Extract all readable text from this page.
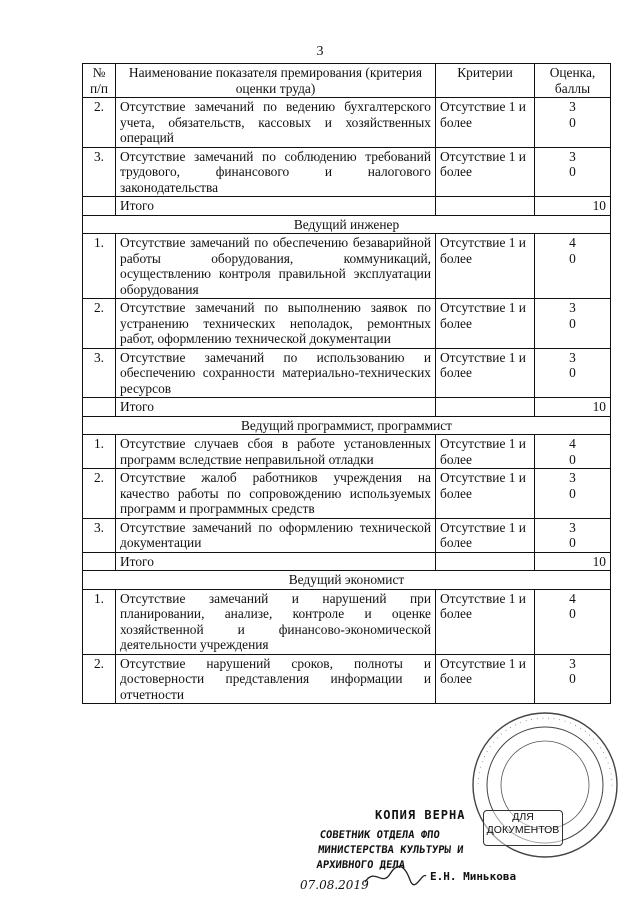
3
№ п/п	Наименование показателя премирования (критерия оценки труда)	Критерии	Оценка, баллы
2.	Отсутствие замечаний по ведению бухгалтерского учета, обязательств, кассовых и хозяйственных операций	Отсутствие 1 и более	3
0

3.	Отсутствие замечаний по соблюдению требований трудового, финансового и налогового законодательства	Отсутствие 1 и более	3
0

	Итого		10
Ведущий инженер			
1.	Отсутствие замечаний по обеспечению безаварийной работы оборудования, коммуникаций, осуществлению контроля правильной эксплуатации оборудования	Отсутствие 1 и более	4
0

2.	Отсутствие замечаний по выполнению заявок по устранению технических неполадок, ремонтных работ, оформлению технической документации	Отсутствие 1 и более	3
0

3.	Отсутствие замечаний по использованию и обеспечению сохранности материально-технических ресурсов	Отсутствие 1 и более	3
0

	Итого		10
Ведущий программист, программист			
1.	Отсутствие случаев сбоя в работе установленных программ вследствие неправильной отладки	Отсутствие 1 и более	4
0

2.	Отсутствие жалоб работников учреждения на качество работы по сопровождению используемых программ и программных средств	Отсутствие 1 и более	3
0

3.	Отсутствие замечаний по оформлению технической документации	Отсутствие 1 и более	3
0

	Итого		10
Ведущий экономист			
1.	Отсутствие замечаний и нарушений при планировании, анализе, контроле и оценке хозяйственной и финансово-экономической деятельности учреждения	Отсутствие 1 и более	4
0

2.	Отсутствие нарушений сроков, полноты и достоверности представления информации и отчетности	Отсутствие 1 и более	3
0
· · · · · · · · · · · · · · · · · · · · · · · · · · · · · · · · · · · · · ·
ДЛЯ ДОКУМЕНТОВ
КОПИЯ ВЕРНА
СОВЕТНИК ОТДЕЛА ФПО
МИНИСТЕРСТВА КУЛЬТУРЫ И
АРХИВНОГО ДЕЛА
07.08.2019
Е.Н. Минькова
